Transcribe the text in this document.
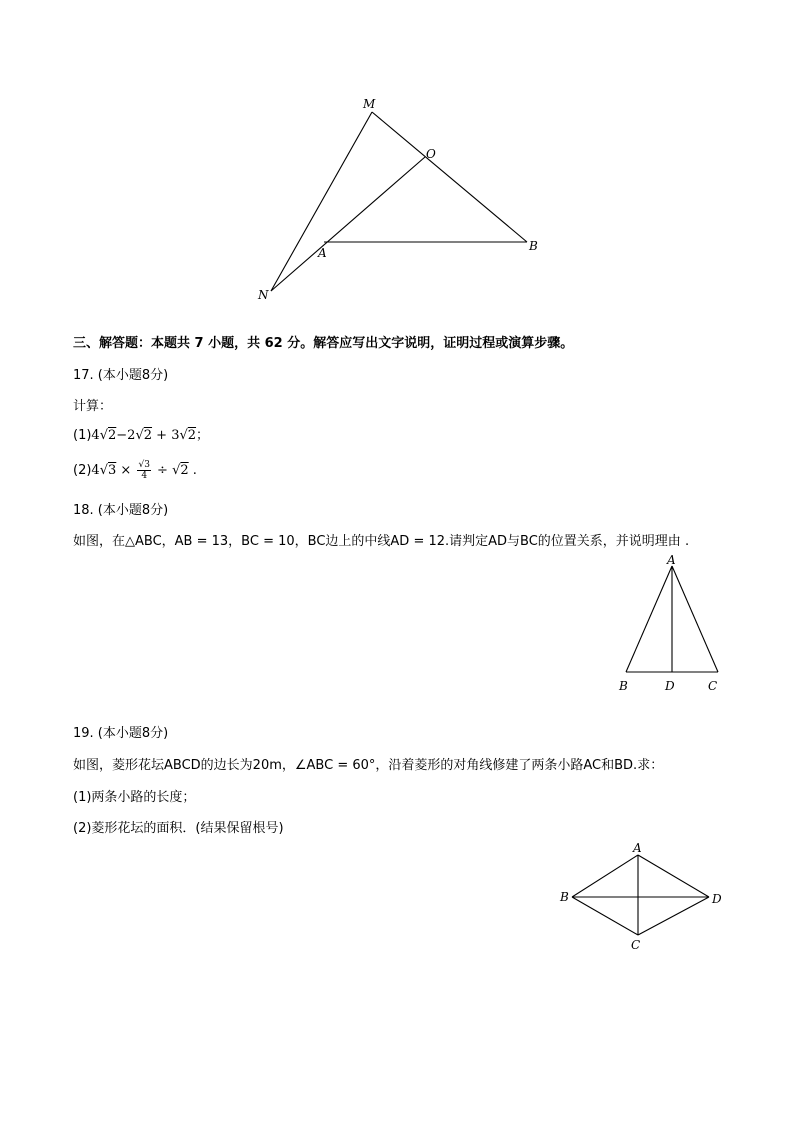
M
O
A	B
N
三、解答题：本题共 7 小题，共 62 分。解答应写出文字说明，证明过程或演算步骤。
17. (本小题8分)
计算：
(1)4√2−2√2 + 3√2；
$(2)4√3 \times \frac{√3}{4} \div √2$ .
18. (本小题8分)
如图，在△ABC，AB = 13，BC = 10，BC边上的中线AD = 12.请判定AD与BC的位置关系，并说明理由 .
A
B	D	C
19. (本小题8分)
如图，菱形花坛ABCD的边长为20m，∠ABC = 60°，沿着菱形的对角线修建了两条小路AC和BD.求：
(1)两条小路的长度；
(2)菱形花坛的面积．(结果保留根号)
A
B	D
C
